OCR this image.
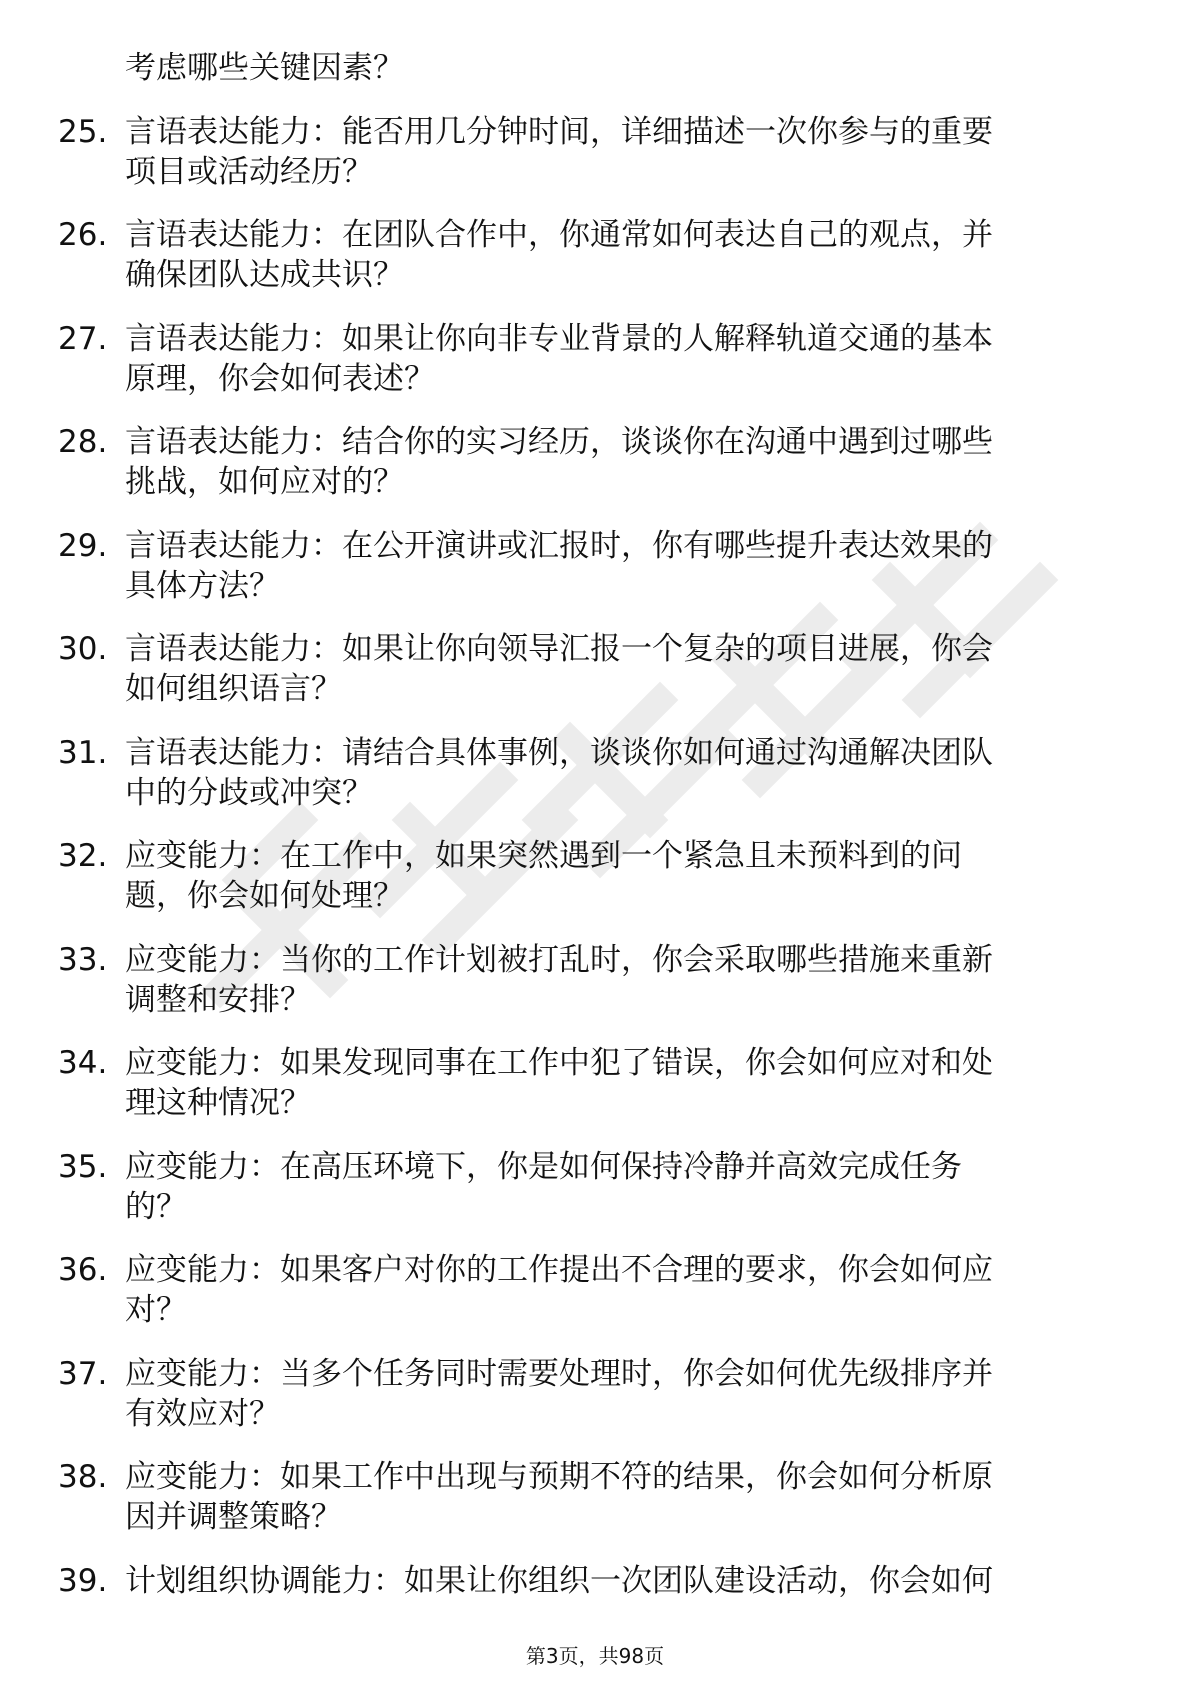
考虑哪些关键因素？
25. 言语表达能力：能否用几分钟时间，详细描述一次你参与的重要
项目或活动经历？
26. 言语表达能力：在团队合作中，你通常如何表达自己的观点，并
确保团队达成共识？
27. 言语表达能力：如果让你向非专业背景的人解释轨道交通的基本
原理，你会如何表述？
28. 言语表达能力：结合你的实习经历，谈谈你在沟通中遇到过哪些
挑战，如何应对的？
29. 言语表达能力：在公开演讲或汇报时，你有哪些提升表达效果的
具体方法？
30. 言语表达能力：如果让你向领导汇报一个复杂的项目进展，你会
如何组织语言？
31. 言语表达能力：请结合具体事例，谈谈你如何通过沟通解决团队
中的分歧或冲突？
32. 应变能力：在工作中，如果突然遇到一个紧急且未预料到的问
题，你会如何处理？
33. 应变能力：当你的工作计划被打乱时，你会采取哪些措施来重新
调整和安排？
34. 应变能力：如果发现同事在工作中犯了错误，你会如何应对和处
理这种情况？
35. 应变能力：在高压环境下，你是如何保持冷静并高效完成任务
的？
36. 应变能力：如果客户对你的工作提出不合理的要求，你会如何应
对？
37. 应变能力：当多个任务同时需要处理时，你会如何优先级排序并
有效应对？
38. 应变能力：如果工作中出现与预期不符的结果，你会如何分析原
因并调整策略？
39. 计划组织协调能力：如果让你组织一次团队建设活动，你会如何
第3页，共98页
